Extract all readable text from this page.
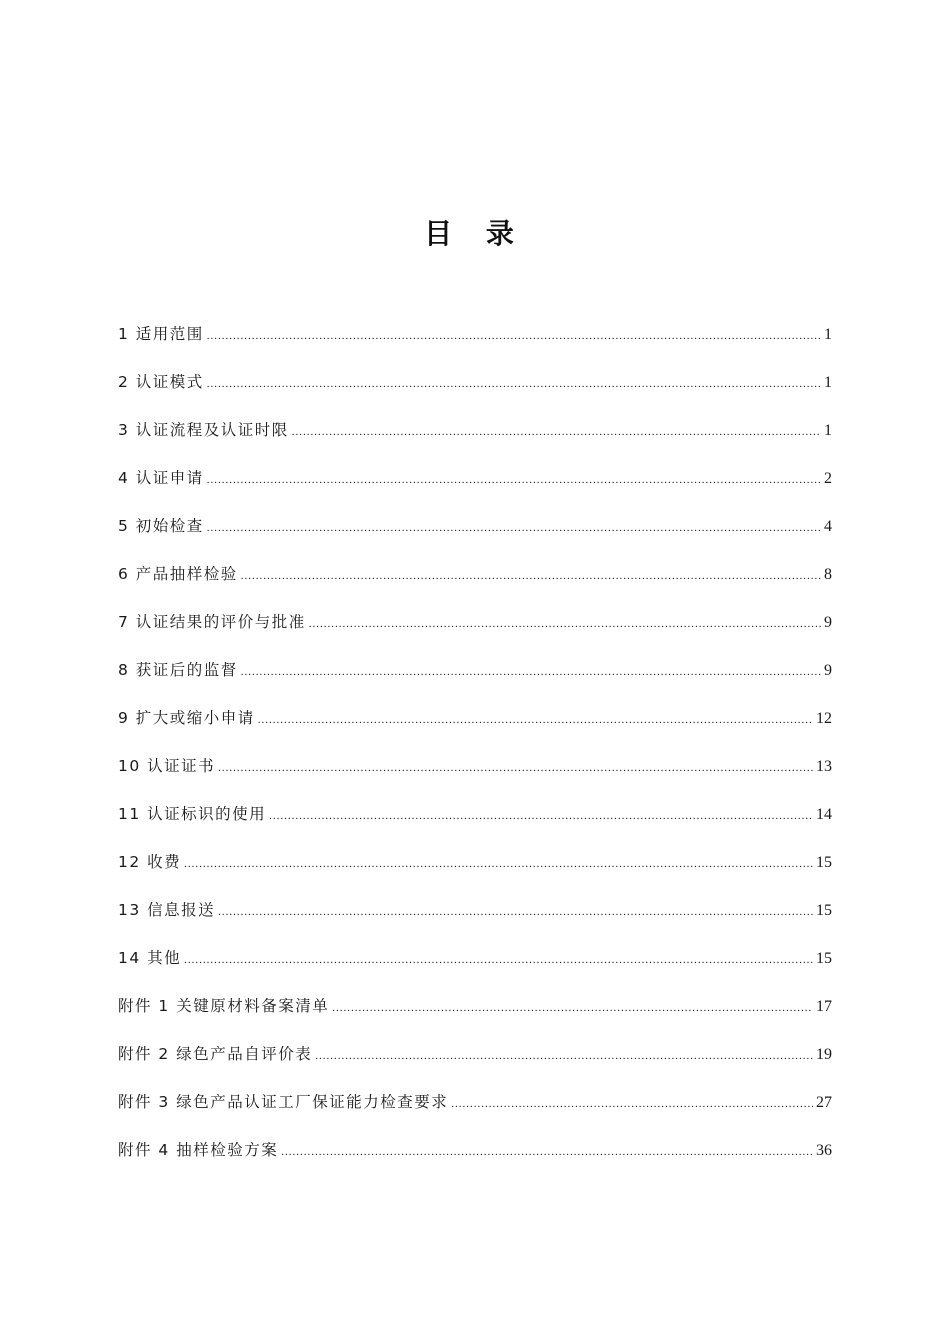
目 录
1 适用范围 .....	1
2 认证模式 .....	1
3 认证流程及认证时限 .....	1
4 认证申请 .....	2
5 初始检查 .....	4
6 产品抽样检验 .....	8
7 认证结果的评价与批准 .....	9
8 获证后的监督 .....	9
9 扩大或缩小申请 .....	12
10 认证证书 .....	13
11 认证标识的使用 .....	14
12 收费 .....	15
13 信息报送 .....	15
14 其他 .....	15
附件 1 关键原材料备案清单 .....	17
附件 2 绿色产品自评价表 .....	19
附件 3 绿色产品认证工厂保证能力检查要求 .....	27
附件 4 抽样检验方案 .....	36
